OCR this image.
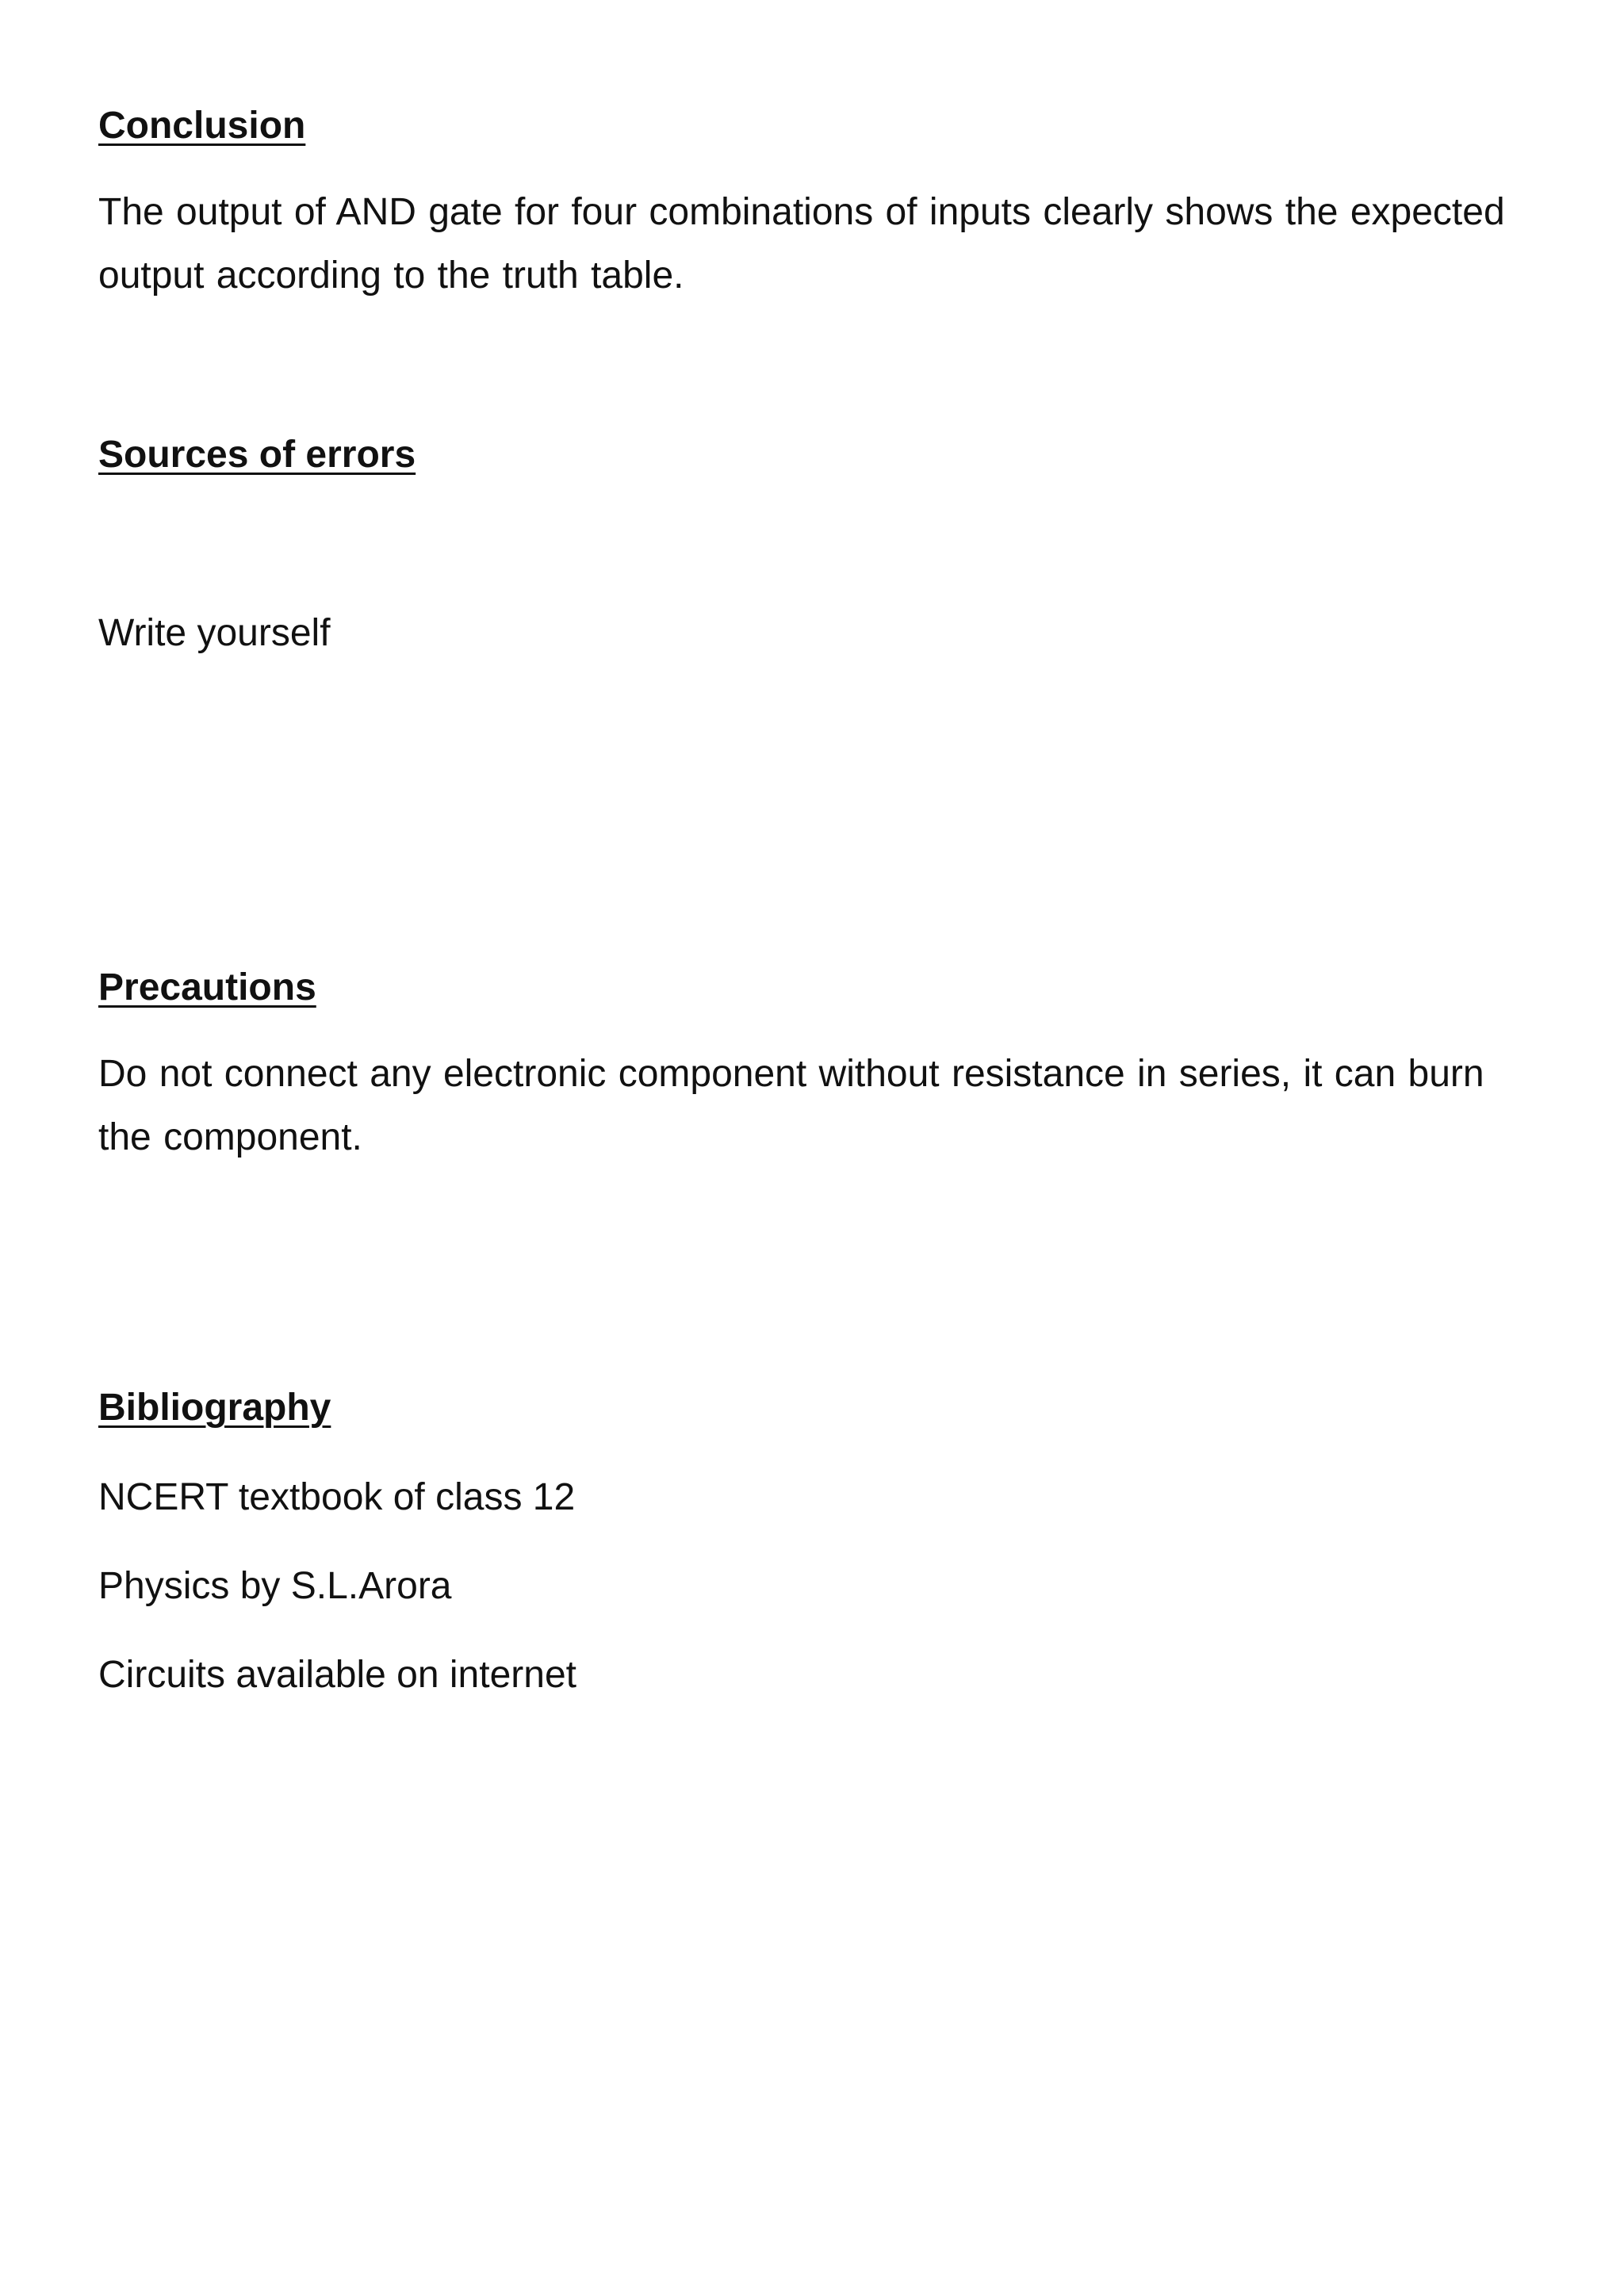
Conclusion
The output of AND gate for four combinations of inputs clearly shows the expected output according to the truth table.
Sources of errors
Write yourself
Precautions
Do not connect any electronic component without resistance in series, it can burn the component.
Bibliography
NCERT textbook of class 12
Physics by S.L.Arora
Circuits available on internet
